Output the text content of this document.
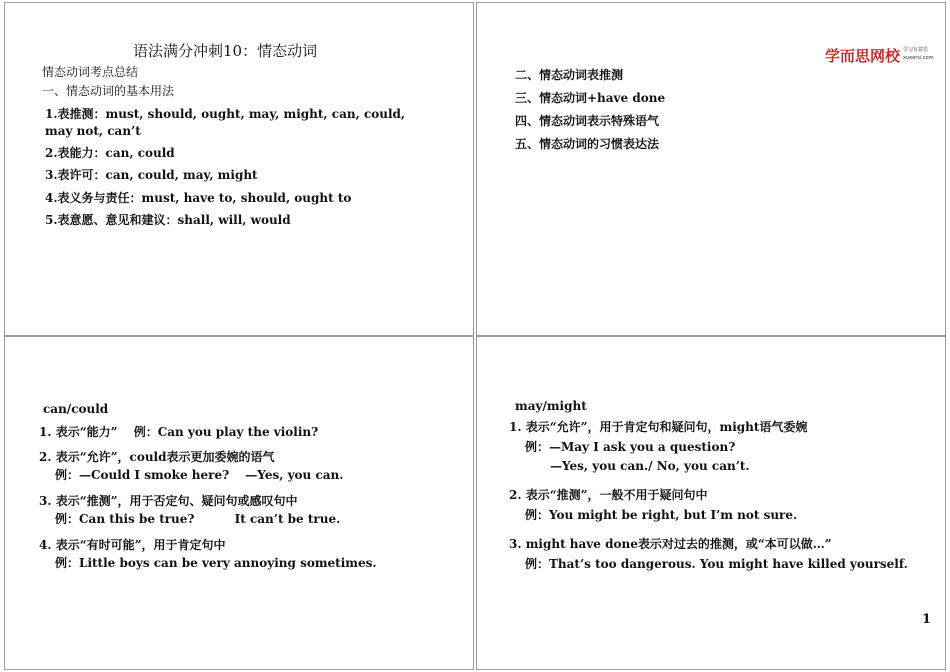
语法满分冲刺10：情态动词
情态动词考点总结
一、情态动词的基本用法
1.表推测：must, should, ought, may, might, can, could,
may not, can’t
2.表能力：can, could
3.表许可：can, could, may, might
4.表义务与责任：must, have to, should, ought to
5.表意愿、意见和建议：shall, will, would
学而思网校 学习有意思
xueersi.com
二、情态动词表推测
三、情态动词+have done
四、情态动词表示特殊语气
五、情态动词的习惯表达法
can/could
1. 表示“能力”　 例：Can you play the violin?
2. 表示“允许”，could表示更加委婉的语气
例：—Could I smoke here?　 —Yes, you can.
3. 表示“推测”，用于否定句、疑问句或感叹句中
例：Can this be true?　　　 It can’t be true.
4. 表示“有时可能”，用于肯定句中
例：Little boys can be very annoying sometimes.
may/might
1. 表示“允许”，用于肯定句和疑问句，might语气委婉
例：—May I ask you a question?
—Yes, you can./ No, you can’t.
2. 表示“推测”，一般不用于疑问句中
例：You might be right, but I’m not sure.
3. might have done表示对过去的推测，或“本可以做…”
例：That’s too dangerous. You might have killed yourself.
1
